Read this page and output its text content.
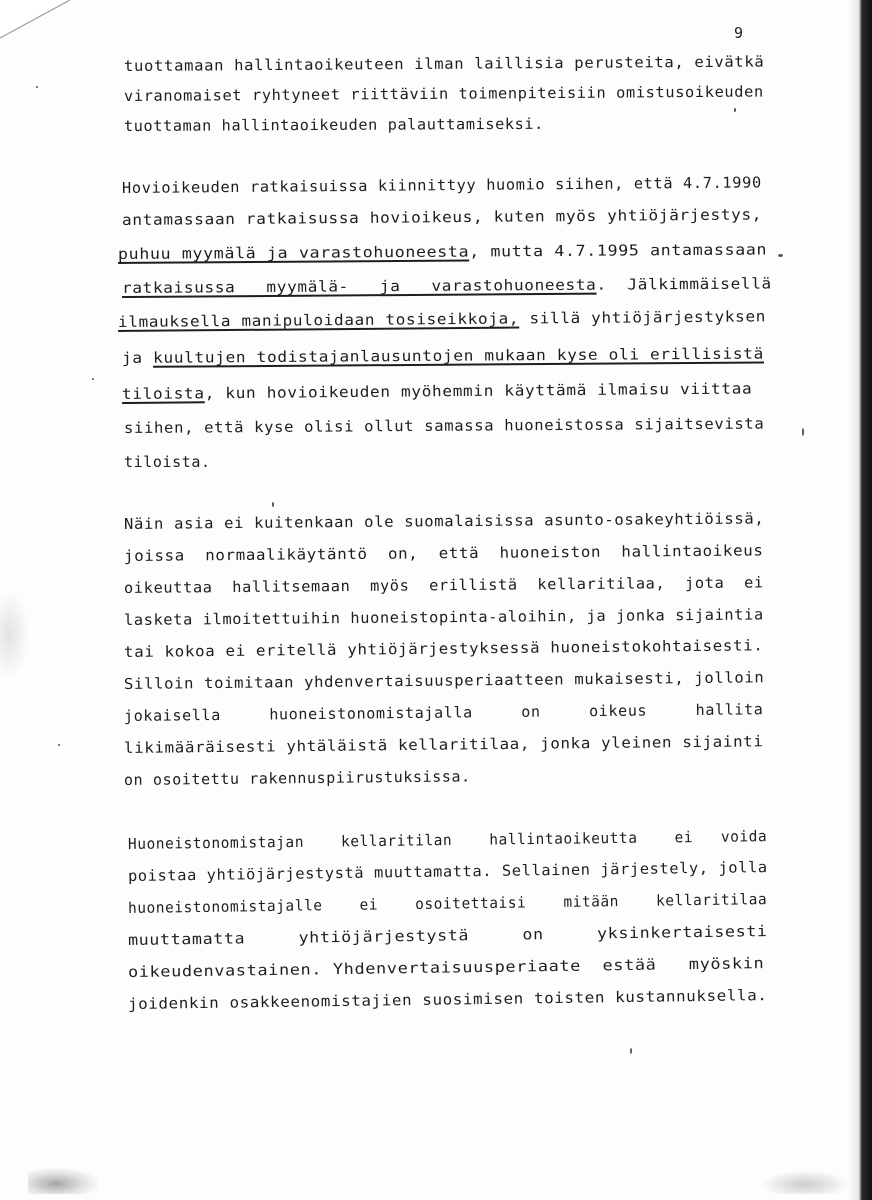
9
tuottamaan hallintaoikeuteen ilman laillisia perusteita, eivätkä
viranomaiset ryhtyneet riittäviin toimenpiteisiin omistusoikeuden
tuottaman hallintaoikeuden palauttamiseksi.
Hovioikeuden ratkaisuissa kiinnittyy huomio siihen, että 4.7.1990
antamassaan ratkaisussa hovioikeus, kuten myös yhtiöjärjestys,
puhuu myymälä ja varastohuoneesta, mutta 4.7.1995 antamassaan
ratkaisussa   myymälä-   ja   varastohuoneesta.  Jälkimmäisellä
ilmauksella manipuloidaan tosiseikkoja, sillä yhtiöjärjestyksen
ja kuultujen todistajanlausuntojen mukaan kyse oli erillisistä
tiloista, kun hovioikeuden myöhemmin käyttämä ilmaisu viittaa
siihen, että kyse olisi ollut samassa huoneistossa sijaitsevista
tiloista.
Näin asia ei kuitenkaan ole suomalaisissa asunto-osakeyhtiöissä,
joissa  normaalikäytäntö  on,  että  huoneiston  hallintaoikeus
oikeuttaa  hallitsemaan  myös  erillistä  kellaritilaa,  jota  ei
lasketa ilmoitettuihin huoneistopinta-aloihin, ja jonka sijaintia
tai kokoa ei eritellä yhtiöjärjestyksessä huoneistokohtaisesti.
Silloin toimitaan yhdenvertaisuusperiaatteen mukaisesti, jolloin
jokaisella     huoneistonomistajalla     on     oikeus     hallita
likimääräisesti yhtäläistä kellaritilaa, jonka yleinen sijainti
on osoitettu rakennuspiirustuksissa.
Huoneistonomistajan    kellaritilan    hallintaoikeutta    ei   voida
poistaa yhtiöjärjestystä muuttamatta. Sellainen järjestely, jolla
huoneistonomistajalle    ei    osoitettaisi    mitään    kellaritilaa
muuttamatta     yhtiöjärjestystä     on     yksinkertaisesti
oikeudenvastainen. Yhdenvertaisuusperiaate  estää   myöskin
joidenkin osakkeenomistajien suosimisen toisten kustannuksella.
